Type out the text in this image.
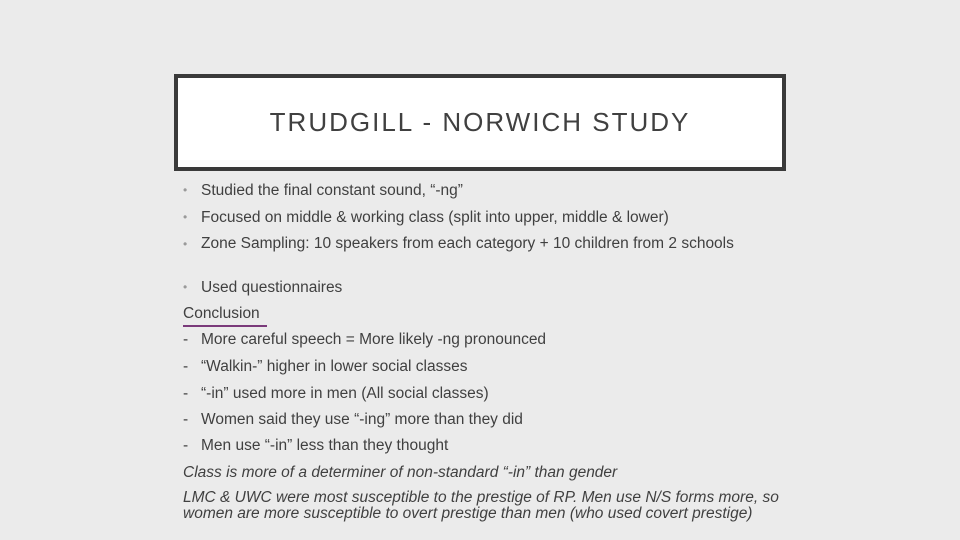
TRUDGILL - NORWICH STUDY
• Studied the final constant sound, “-ng”
• Focused on middle & working class (split into upper, middle & lower)
• Zone Sampling: 10 speakers from each category + 10 children from 2 schools
• Used questionnaires
Conclusion
- More careful speech = More likely -ng pronounced
- “Walkin-” higher in lower social classes
- “-in” used more in men (All social classes)
- Women said they use “-ing” more than they did
- Men use “-in” less than they thought
Class is more of a determiner of non-standard “-in” than gender
LMC & UWC were most susceptible to the prestige of RP. Men use N/S forms more, so women are more susceptible to overt prestige than men (who used covert prestige)
